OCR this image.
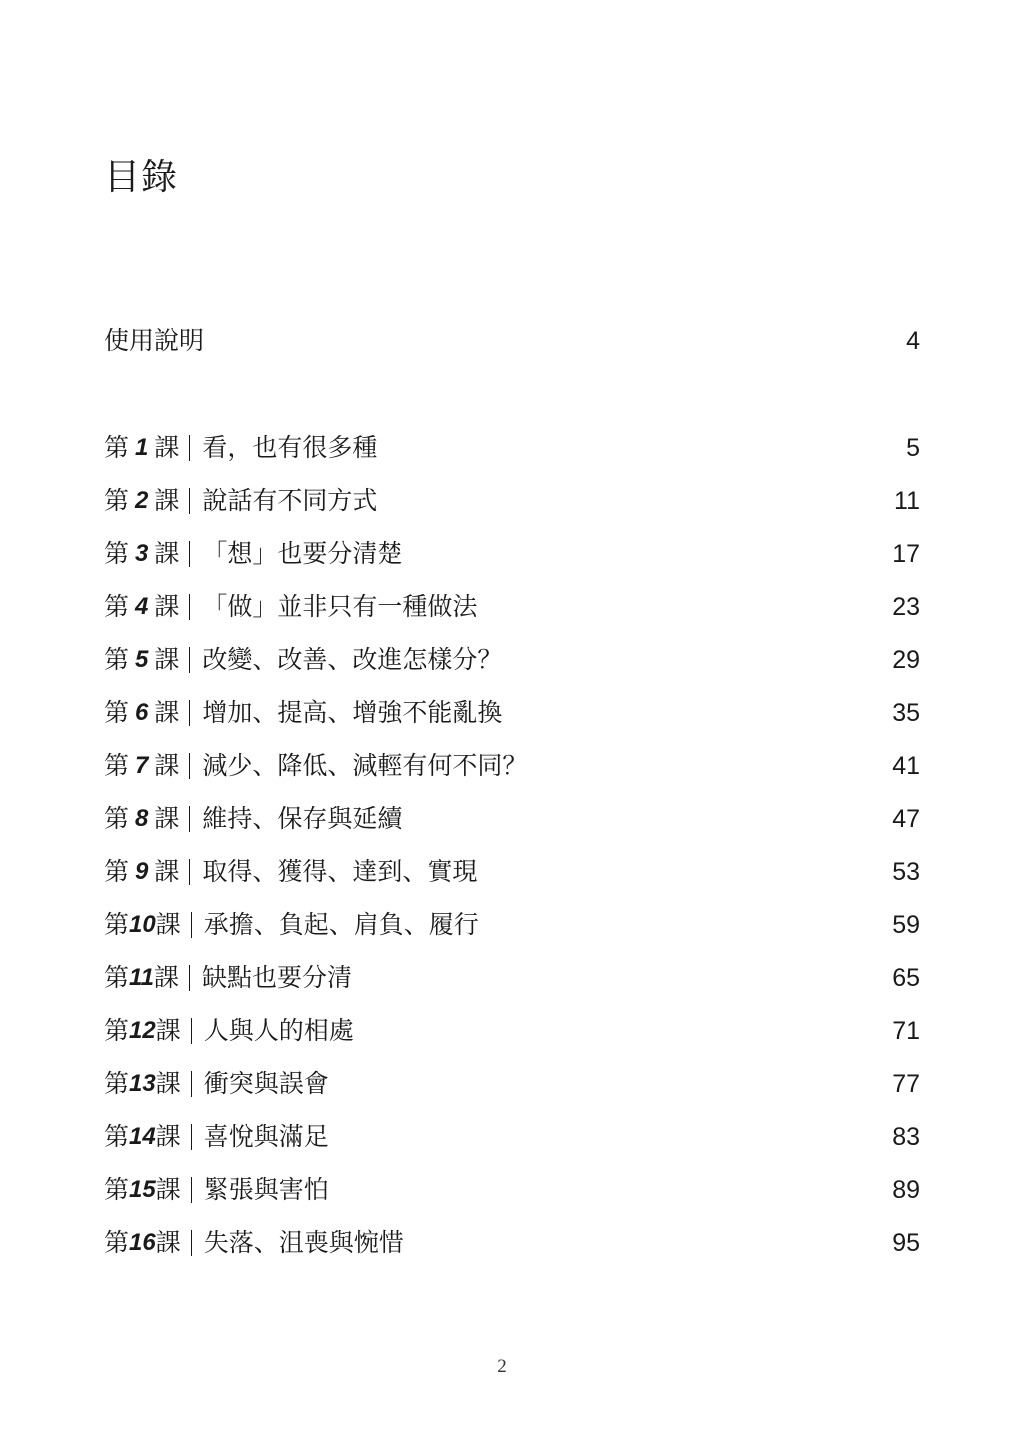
目錄
使用說明	4
第 1 課 看，也有很多種	5
第 2 課 說話有不同方式	11
第 3 課 「想」也要分清楚	17
第 4 課 「做」並非只有一種做法	23
第 5 課 改變、改善、改進怎樣分？	29
第 6 課 增加、提高、增強不能亂換	35
第 7 課 減少、降低、減輕有何不同？	41
第 8 課 維持、保存與延續	47
第 9 課 取得、獲得、達到、實現	53
第 10 課 承擔、負起、肩負、履行	59
第 11 課 缺點也要分清	65
第 12 課 人與人的相處	71
第 13 課 衝突與誤會	77
第 14 課 喜悅與滿足	83
第 15 課 緊張與害怕	89
第 16 課 失落、沮喪與惋惜	95
2
